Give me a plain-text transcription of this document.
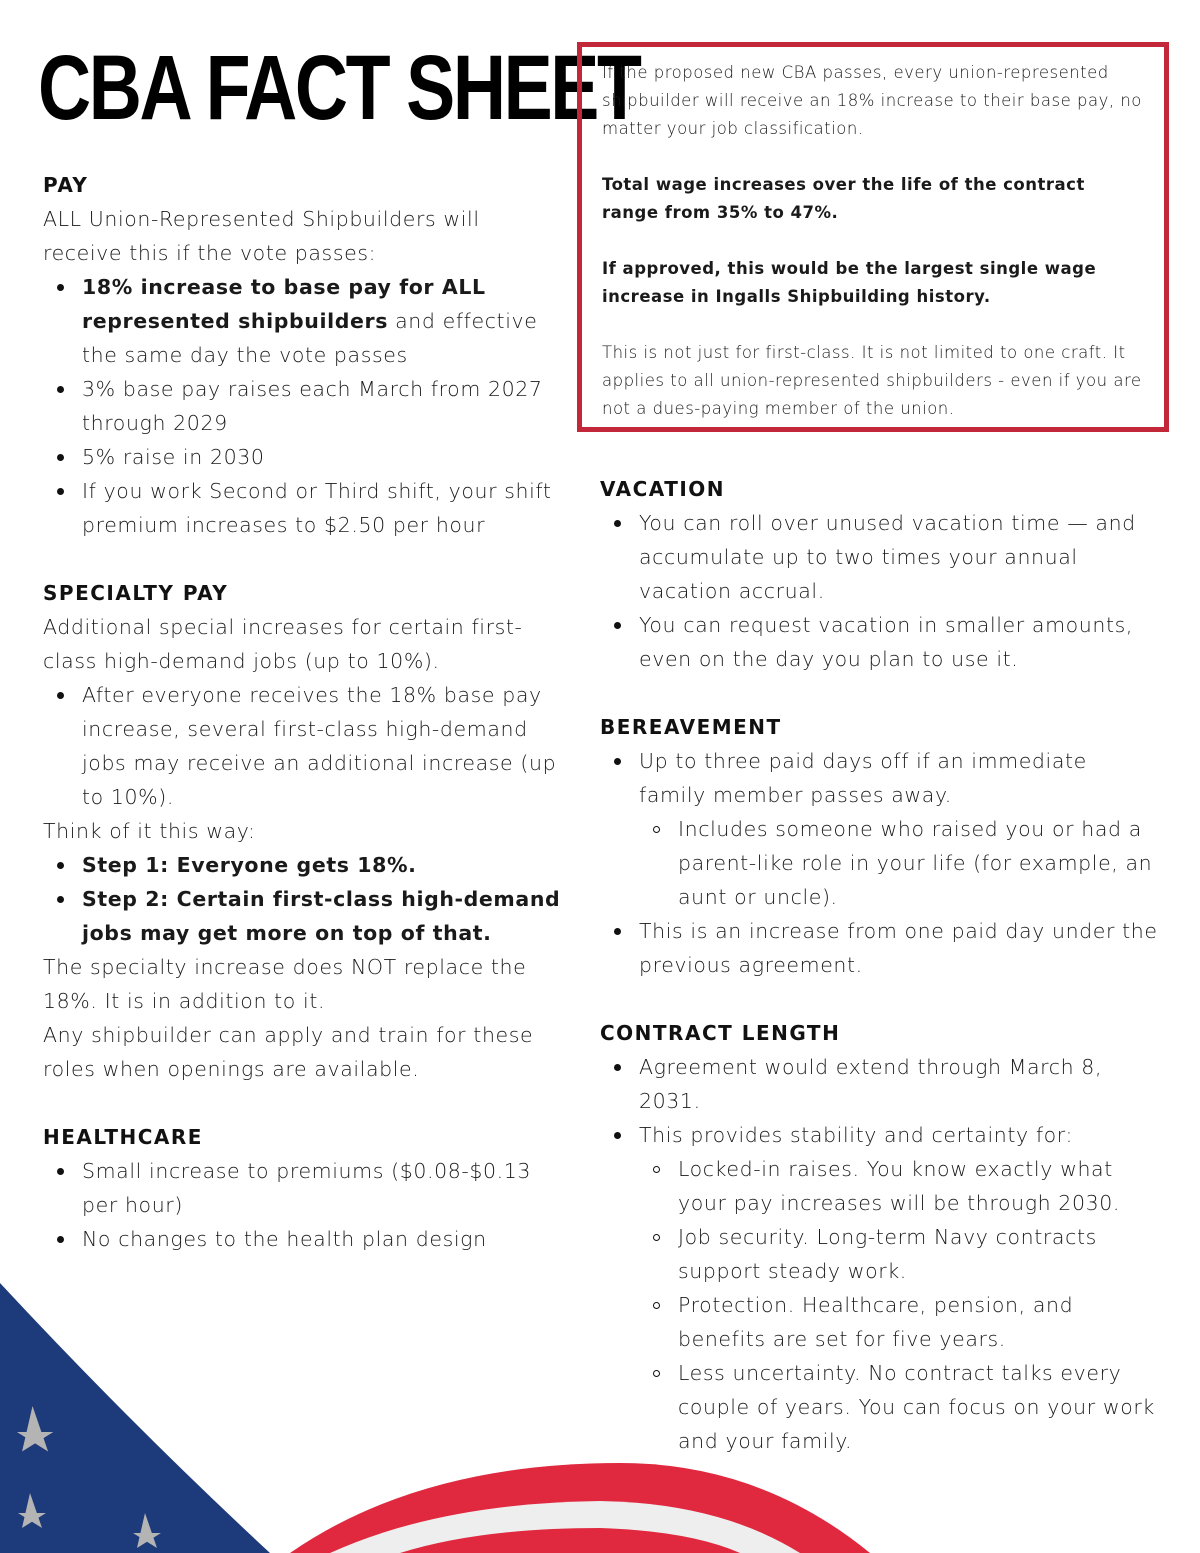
CBA FACT SHEET

If the proposed new CBA passes, every union-represented shipbuilder will receive an 18% increase to their base pay, no matter your job classification.

Total wage increases over the life of the contract range from 35% to 47%.

If approved, this would be the largest single wage increase in Ingalls Shipbuilding history.

This is not just for first-class. It is not limited to one craft. It applies to all union-represented shipbuilders - even if you are not a dues-paying member of the union.

PAY

ALL Union-Represented Shipbuilders will receive this if the vote passes:

18% increase to base pay for ALL represented shipbuilders and effective the same day the vote passes
3% base pay raises each March from 2027 through 2029
5% raise in 2030
If you work Second or Third shift, your shift premium increases to $2.50 per hour
SPECIALTY PAY

Additional special increases for certain first-class high-demand jobs (up to 10%).

After everyone receives the 18% base pay increase, several first-class high-demand jobs may receive an additional increase (up to 10%).

Think of it this way:

Step 1: Everyone gets 18%.
Step 2: Certain first-class high-demand jobs may get more on top of that.

The specialty increase does NOT replace the 18%. It is in addition to it.

Any shipbuilder can apply and train for these roles when openings are available.

HEALTHCARE
Small increase to premiums ($0.08-$0.13 per hour)
No changes to the health plan design
VACATION
You can roll over unused vacation time — and accumulate up to two times your annual vacation accrual.
You can request vacation in smaller amounts, even on the day you plan to use it.
BEREAVEMENT
Up to three paid days off if an immediate family member passes away.
Includes someone who raised you or had a parent-like role in your life (for example, an aunt or uncle).
This is an increase from one paid day under the previous agreement.
CONTRACT LENGTH
Agreement would extend through March 8, 2031.
This provides stability and certainty for:
Locked-in raises. You know exactly what your pay increases will be through 2030.
Job security. Long-term Navy contracts support steady work.
Protection. Healthcare, pension, and benefits are set for five years.
Less uncertainty. No contract talks every couple of years. You can focus on your work and your family.
